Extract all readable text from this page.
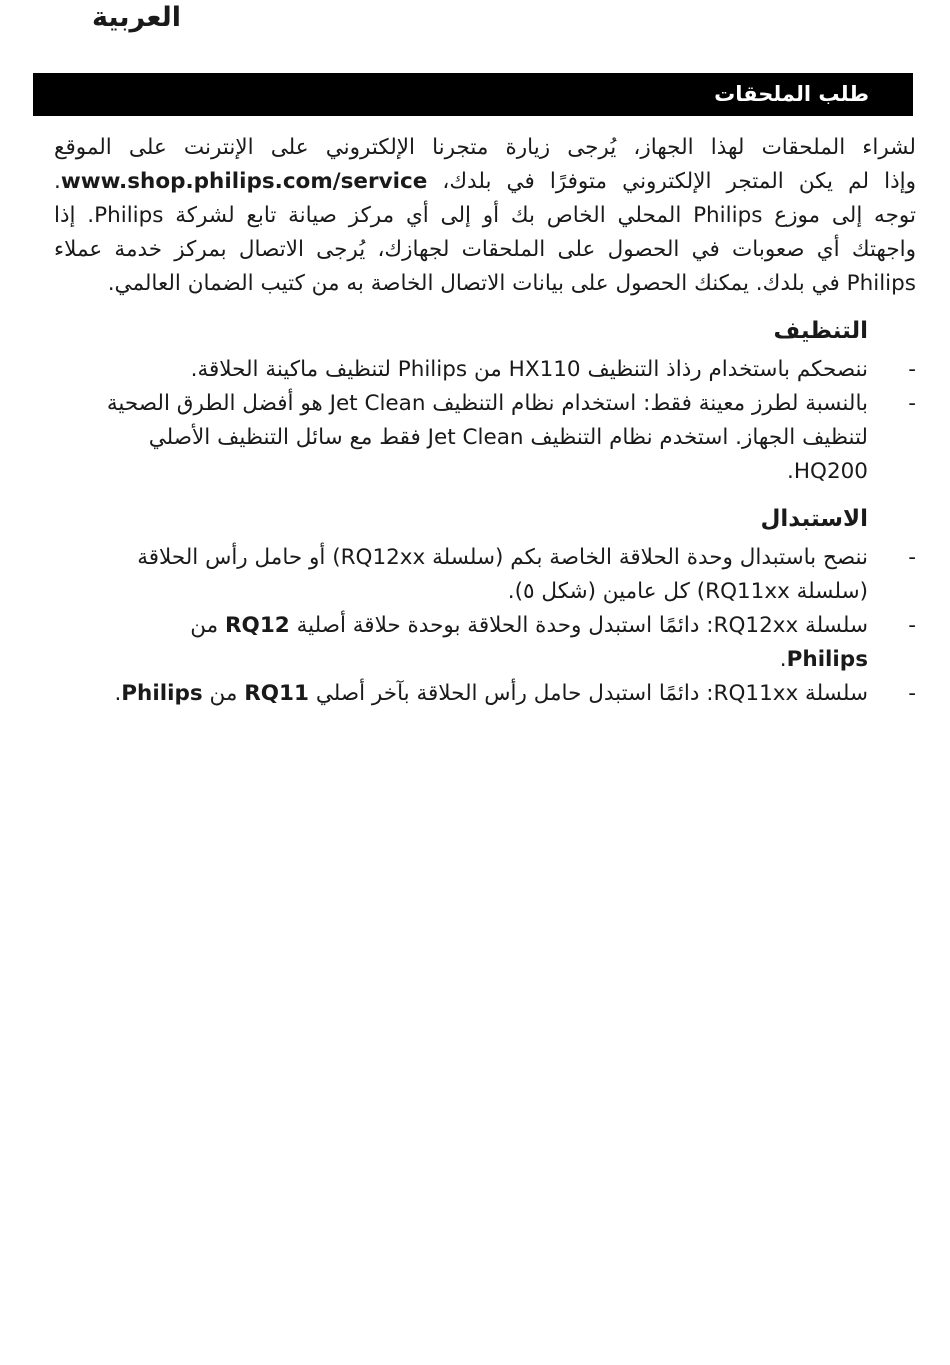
العربية
طلب الملحقات
لشراء الملحقات لهذا الجهاز، يُرجى زيارة متجرنا الإلكتروني على الإنترنت على الموقع
وإذا لم يكن المتجر الإلكتروني متوفرًا في بلدك، www.shop.philips.com/service.
توجه إلى موزع Philips المحلي الخاص بك أو إلى أي مركز صيانة تابع لشركة Philips. إذا
واجهتك أي صعوبات في الحصول على الملحقات لجهازك، يُرجى الاتصال بمركز خدمة عملاء
Philips في بلدك. يمكنك الحصول على بيانات الاتصال الخاصة به من كتيب الضمان العالمي.
التنظيف
-
ننصحكم باستخدام رذاذ التنظيف HX110 من Philips لتنظيف ماكينة الحلاقة.
-
بالنسبة لطرز معينة فقط: استخدام نظام التنظيف Jet Clean هو أفضل الطرق الصحية
لتنظيف الجهاز. استخدم نظام التنظيف Jet Clean فقط مع سائل التنظيف الأصلي
HQ200.
الاستبدال
-
ننصح باستبدال وحدة الحلاقة الخاصة بكم (سلسلة RQ12xx) أو حامل رأس الحلاقة
(سلسلة RQ11xx) كل عامين (شكل ٥).
-
سلسلة RQ12xx: دائمًا استبدل وحدة الحلاقة بوحدة حلاقة أصلية RQ12 من
Philips.
-
سلسلة RQ11xx: دائمًا استبدل حامل رأس الحلاقة بآخر أصلي RQ11 من Philips.
